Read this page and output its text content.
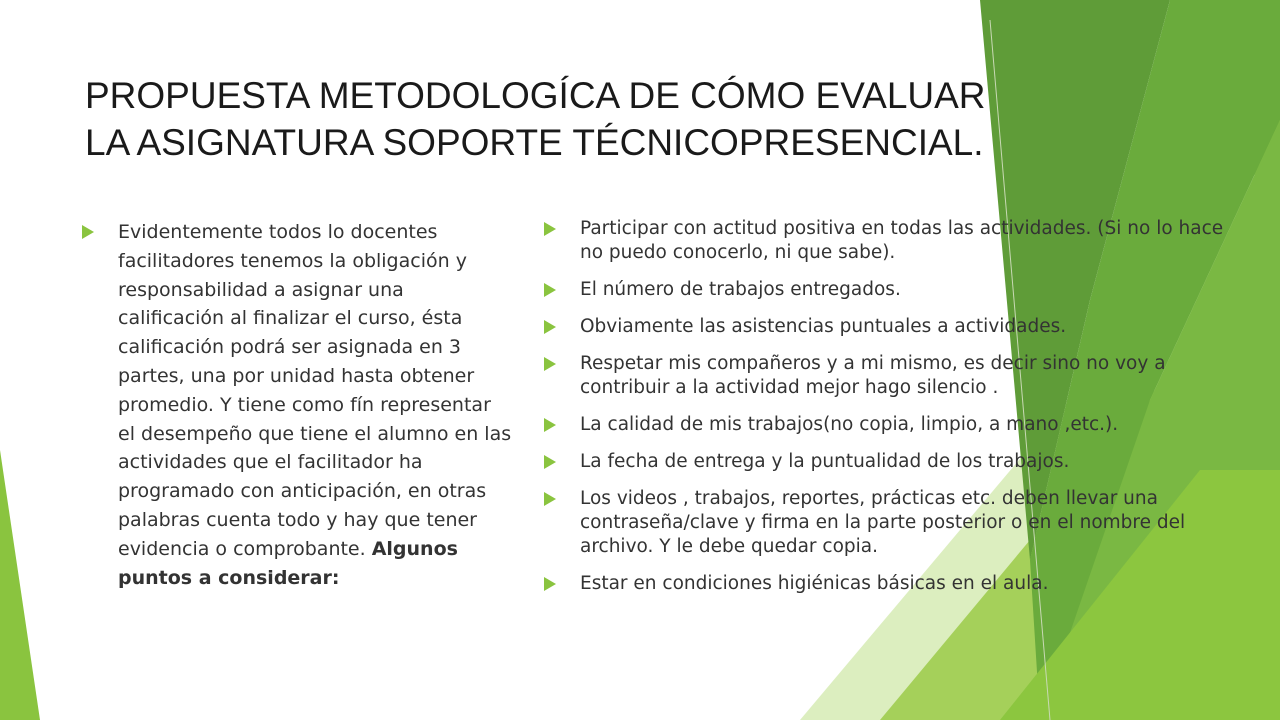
PROPUESTA METODOLOGÍCA DE CÓMO EVALUAR LA ASIGNATURA SOPORTE TÉCNICOPRESENCIAL.
Evidentemente todos lo docentes facilitadores tenemos la obligación y responsabilidad a asignar una calificación al finalizar el curso, ésta calificación podrá ser asignada en 3 partes, una por unidad hasta obtener promedio. Y tiene como fín representar el desempeño que tiene el alumno en las actividades que el facilitador ha programado con anticipación, en otras palabras cuenta todo y hay que tener evidencia o comprobante. Algunos puntos a considerar:
Participar con actitud positiva en todas las actividades. (Si no lo hace no puedo conocerlo, ni que sabe).
El número de trabajos entregados.
Obviamente las asistencias puntuales a actividades.
Respetar mis compañeros y a mi mismo, es decir sino no voy a contribuir a la actividad mejor hago silencio .
La calidad de mis trabajos(no copia, limpio, a mano ,etc.).
La fecha de entrega y la puntualidad de los trabajos.
Los videos , trabajos, reportes, prácticas etc. deben llevar una contraseña/clave y firma en la parte posterior o en el nombre del archivo. Y le debe quedar copia.
Estar en condiciones higiénicas básicas en el aula.
